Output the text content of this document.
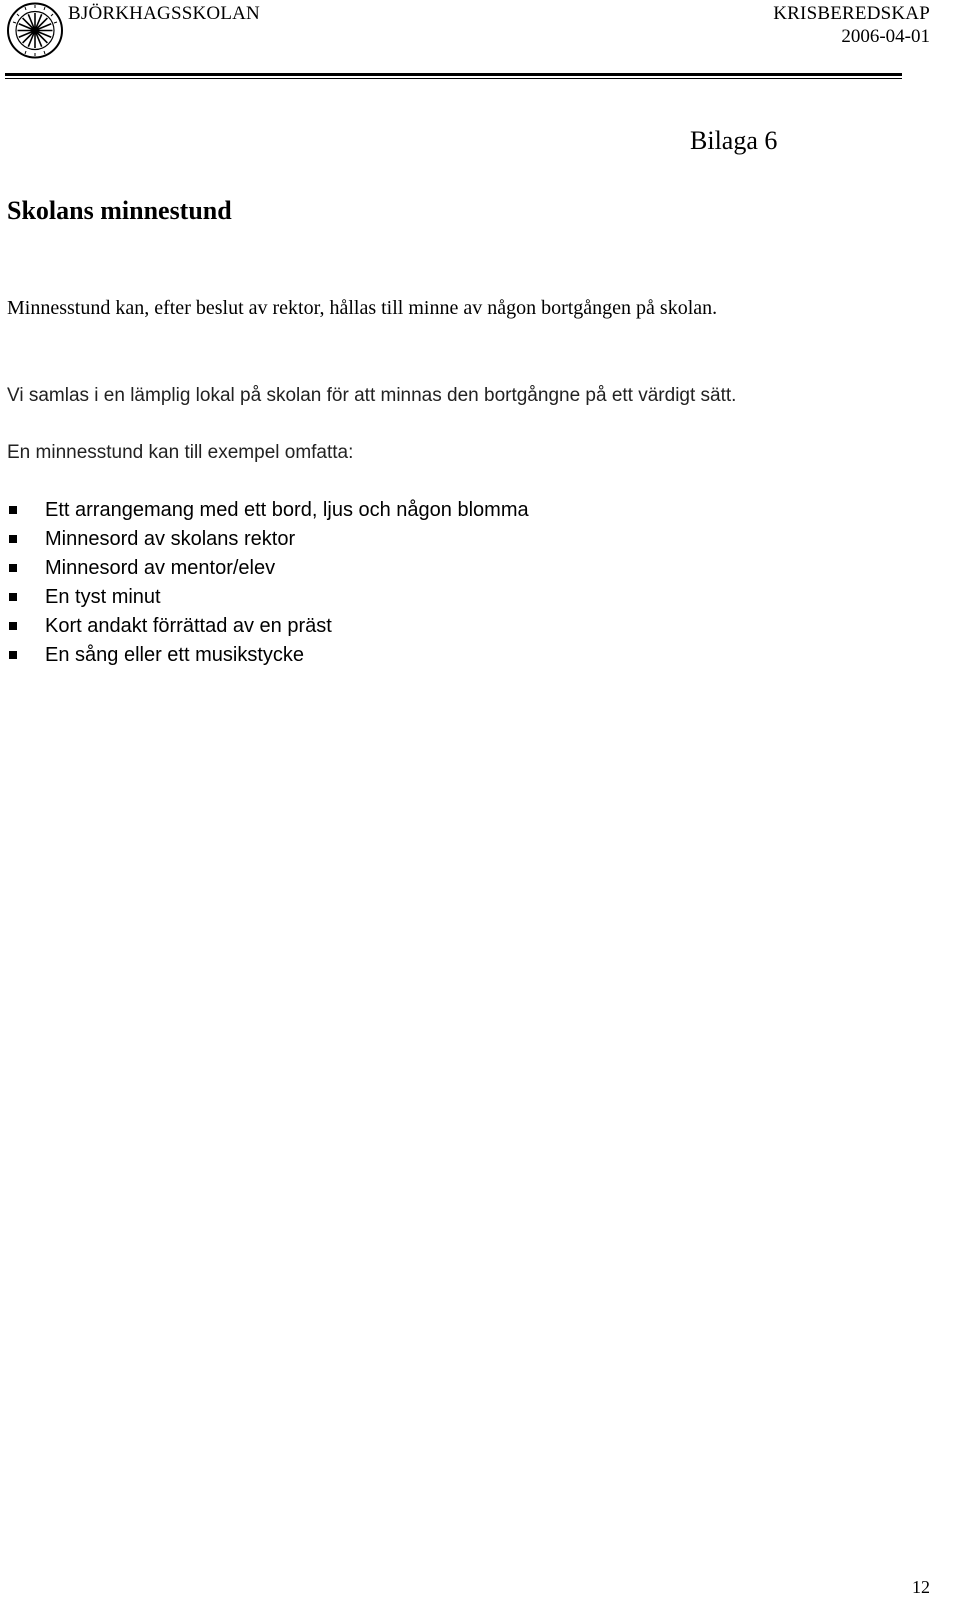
BJÖRKHAGSSKOLAN	KRISBEREDSKAP
2006-04-01
Bilaga 6
Skolans minnestund
Minnesstund kan, efter beslut av rektor, hållas till minne av någon bortgången på skolan.
Vi samlas i en lämplig lokal på skolan för att minnas den bortgångne på ett värdigt sätt.
En minnesstund kan till exempel omfatta:
Ett arrangemang med ett bord, ljus och någon blomma
Minnesord av skolans rektor
Minnesord av mentor/elev
En tyst minut
Kort andakt förrättad av en präst
En sång eller ett musikstycke
12
